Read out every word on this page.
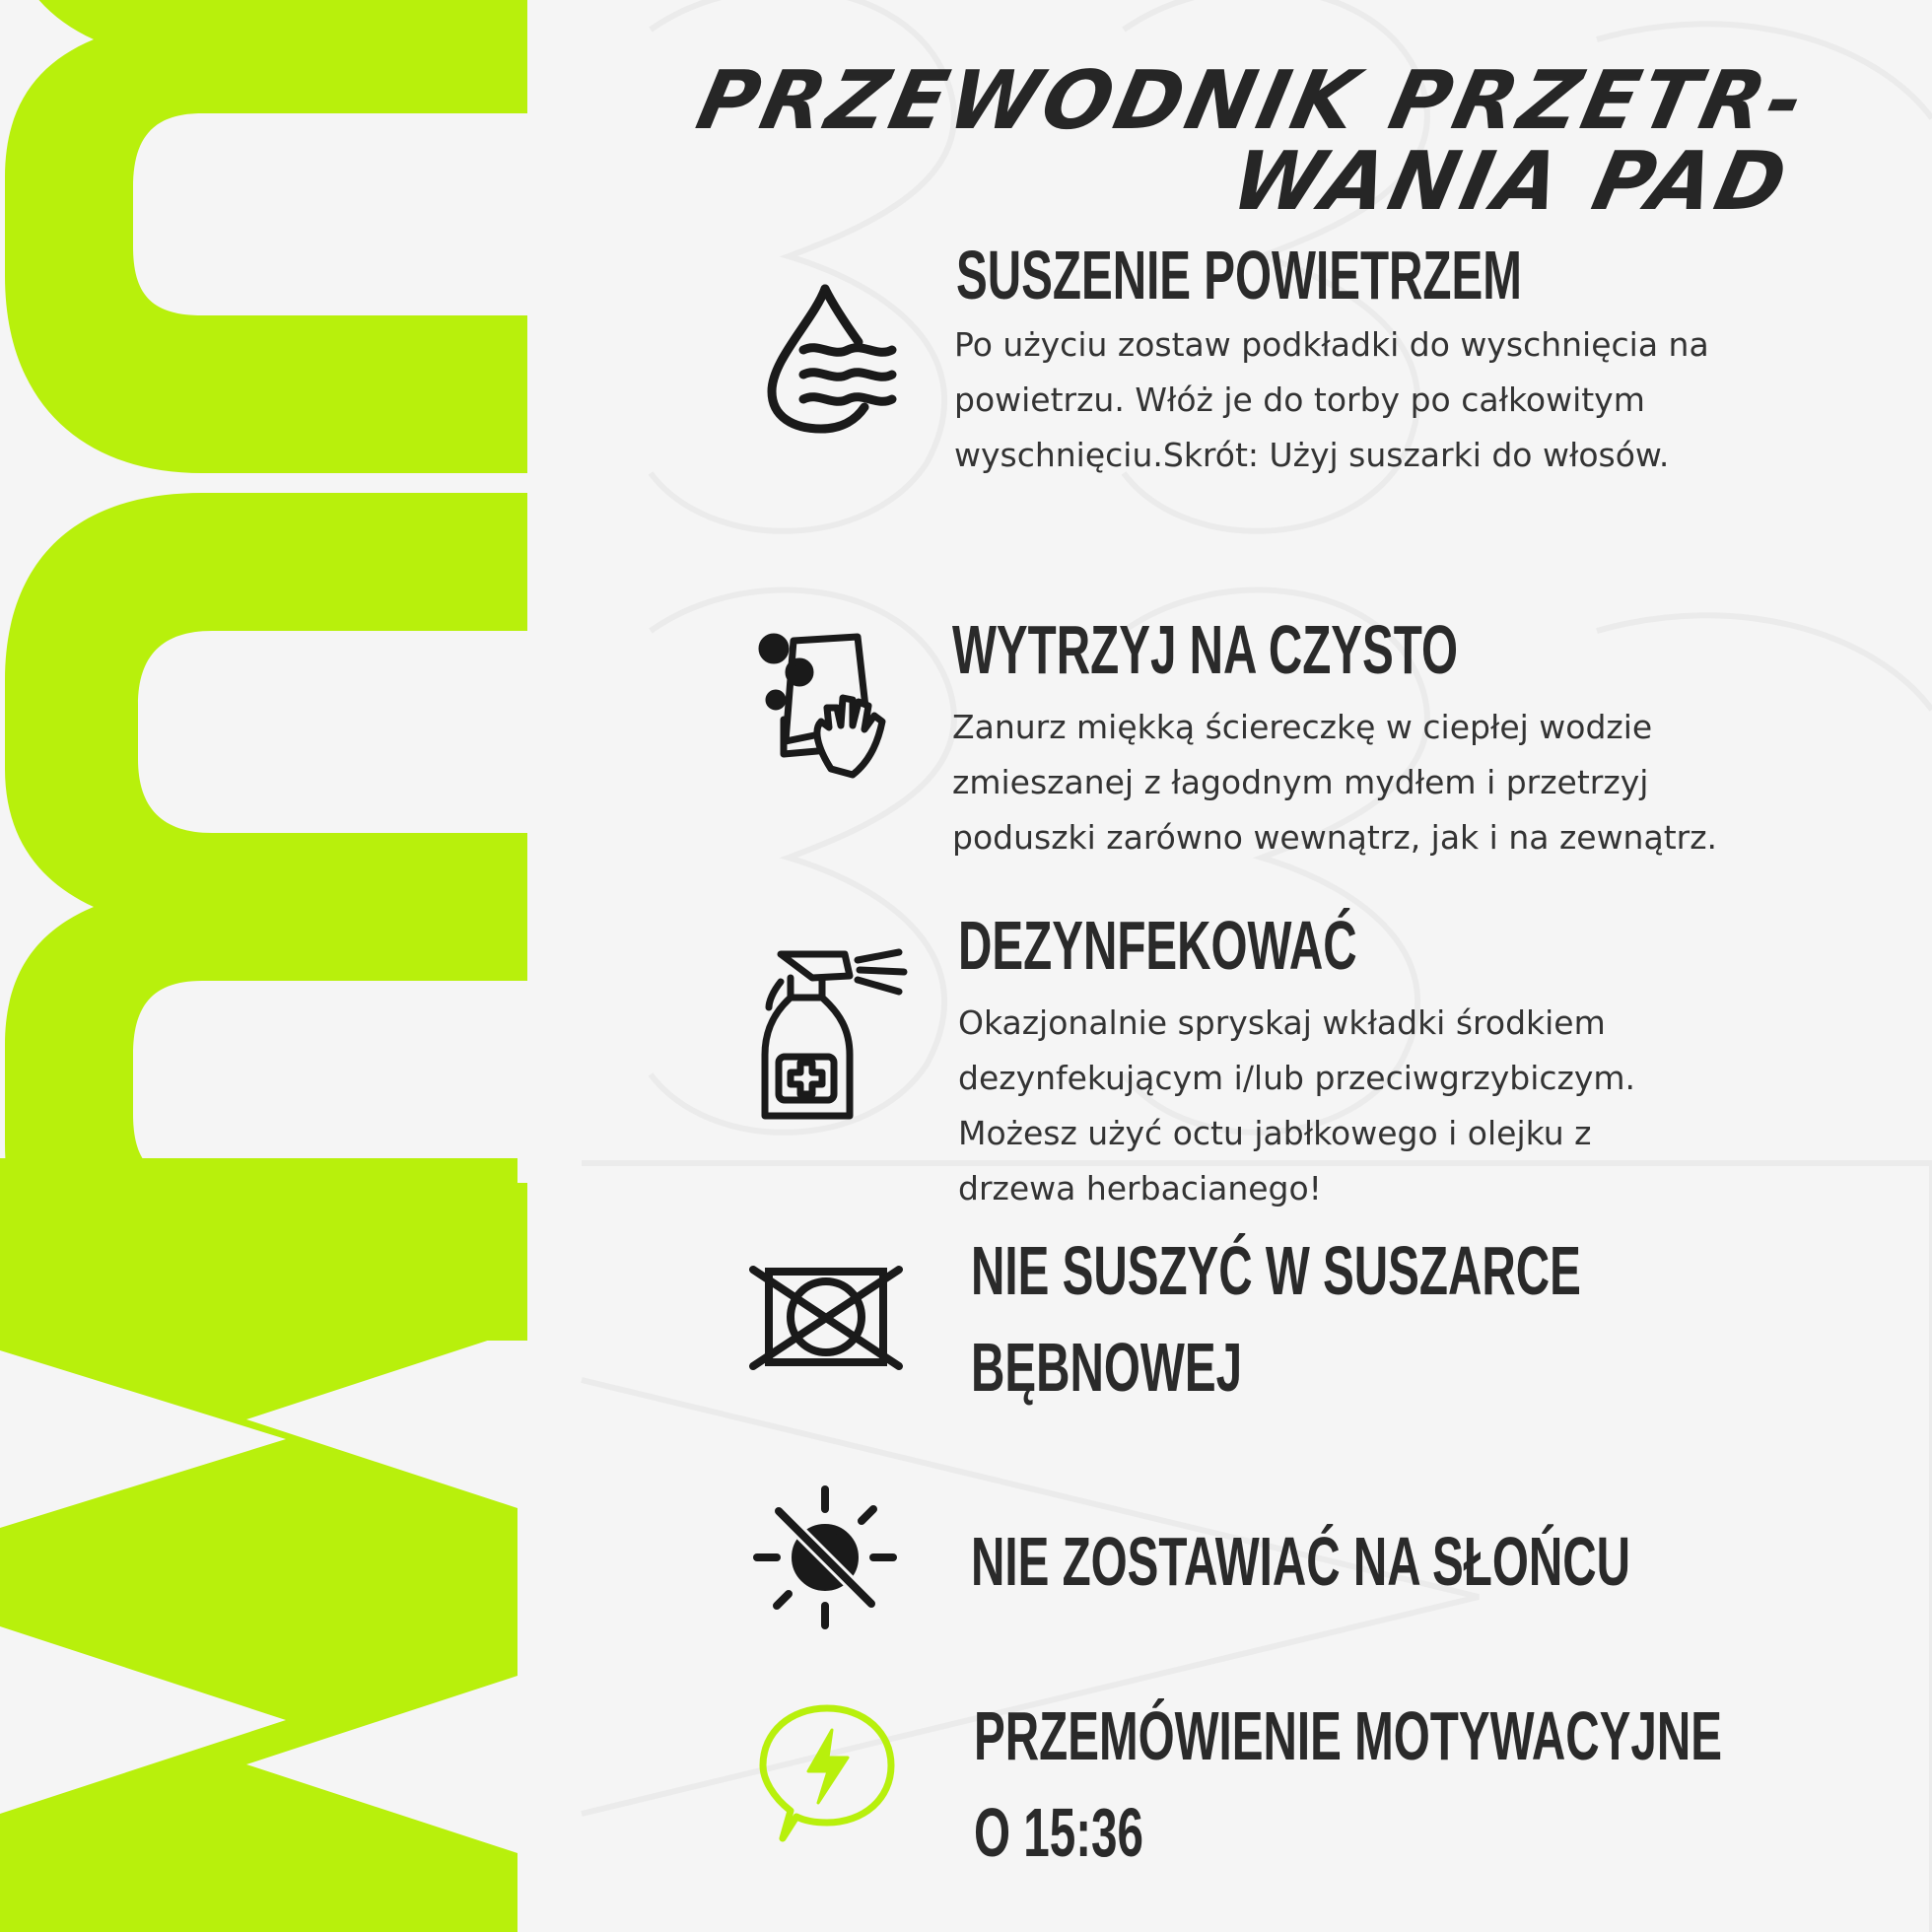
PRZEWODNIK PRZETR-
WANIA PAD
SUSZENIE POWIETRZEM

Po użyciu zostaw podkładki do wyschnięcia na
powietrzu. Włóż je do torby po całkowitym
wyschnięciu.Skrót: Użyj suszarki do włosów.

WYTRZYJ NA CZYSTO

Zanurz miękką ściereczkę w ciepłej wodzie
zmieszanej z łagodnym mydłem i przetrzyj
poduszki zarówno wewnątrz, jak i na zewnątrz.

DEZYNFEKOWAĆ

Okazjonalnie spryskaj wkładki środkiem
dezynfekującym i/lub przeciwgrzybiczym.
Możesz użyć octu jabłkowego i olejku z
drzewa herbacianego!

NIE SUSZYĆ W SUSZARCE
BĘBNOWEJ
NIE ZOSTAWIAĆ NA SŁOŃCU
PRZEMÓWIENIE MOTYWACYJNE
O 15:36
